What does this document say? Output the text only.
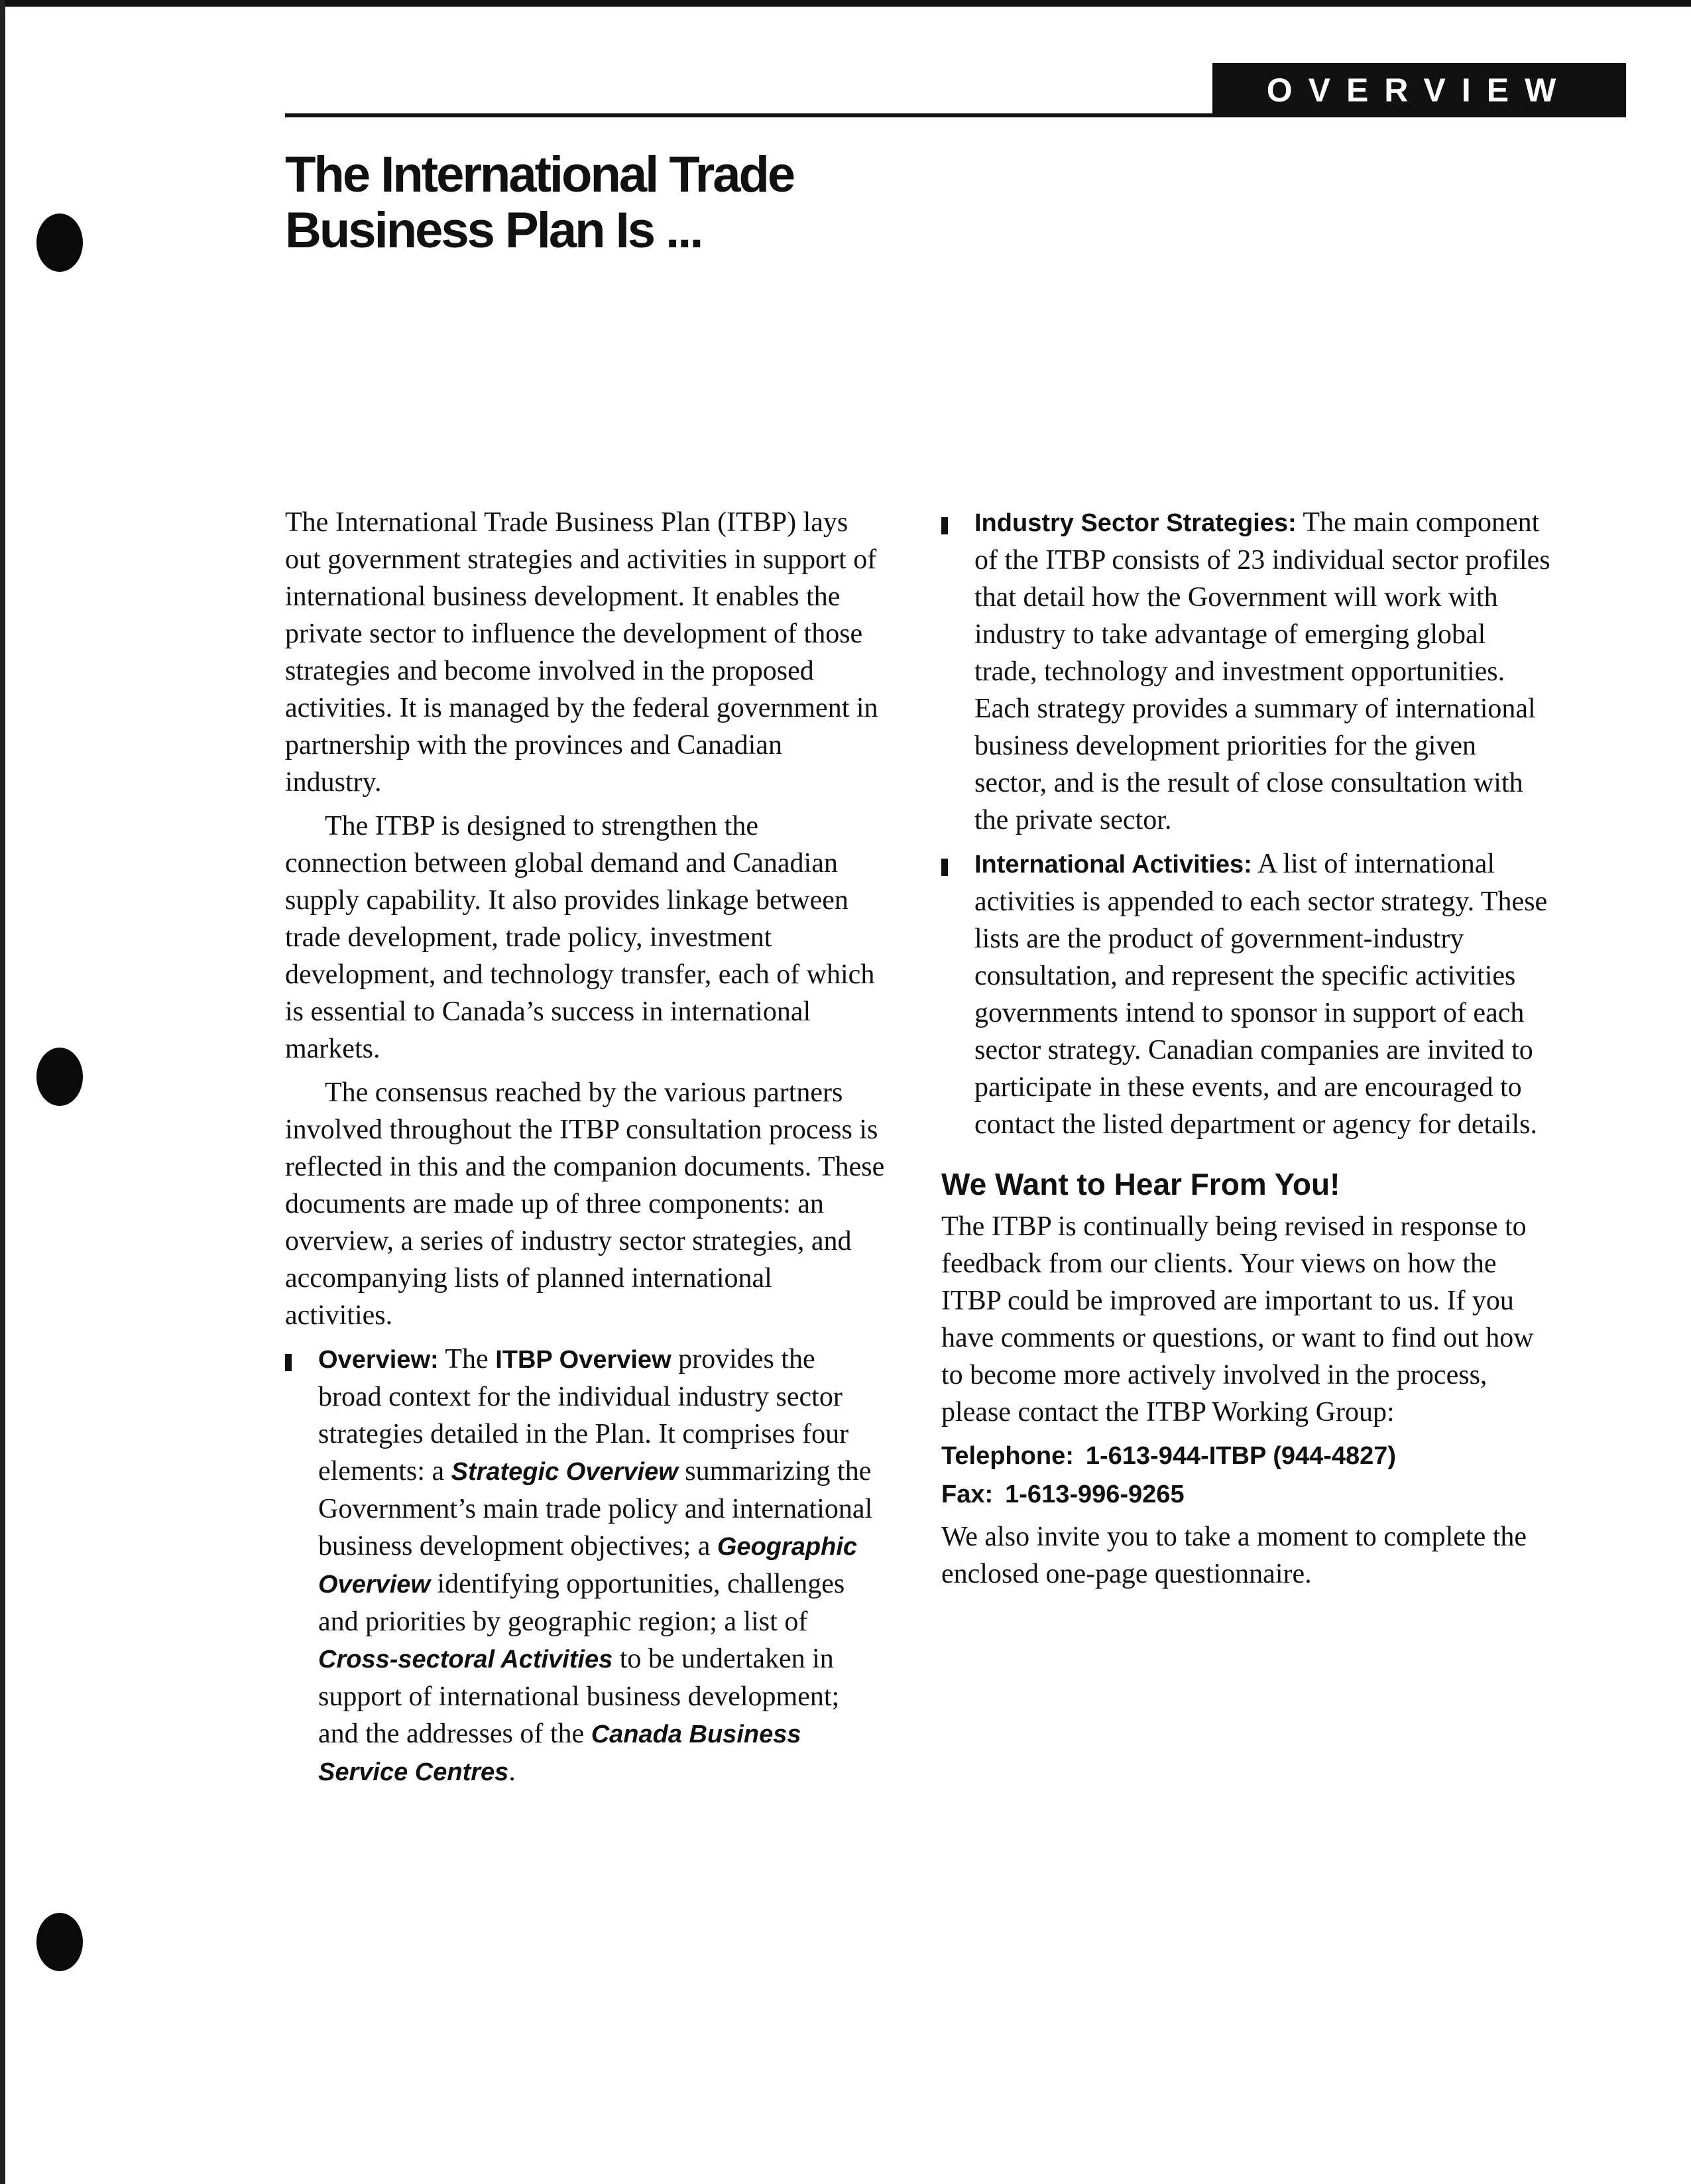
OVERVIEW
The International Trade
Business Plan Is ...

The International Trade Business Plan (ITBP) lays out government strategies and activities in support of international business development. It enables the private sector to influence the development of those strategies and become involved in the proposed activities. It is managed by the federal government in partnership with the provinces and Canadian industry.

The ITBP is designed to strengthen the connection between global demand and Canadian supply capability. It also provides linkage between trade development, trade policy, investment development, and technology transfer, each of which is essential to Canada’s success in international markets.

The consensus reached by the various partners involved throughout the ITBP consultation process is reflected in this and the companion documents. These documents are made up of three components: an overview, a series of industry sector strategies, and accompanying lists of planned international activities.

Overview: The ITBP Overview provides the broad context for the individual industry sector strategies detailed in the Plan. It comprises four elements: a Strategic Overview summarizing the Government’s main trade policy and international business development objectives; a Geographic Overview identifying opportunities, challenges and priorities by geographic region; a list of Cross-sectoral Activities to be undertaken in support of international business development; and the addresses of the Canada Business Service Centres.
Industry Sector Strategies: The main component of the ITBP consists of 23 individual sector profiles that detail how the Government will work with industry to take advantage of emerging global trade, technology and investment opportunities. Each strategy provides a summary of international business development priorities for the given sector, and is the result of close consultation with the private sector.
International Activities: A list of international activities is appended to each sector strategy. These lists are the product of government-industry consultation, and represent the specific activities governments intend to sponsor in support of each sector strategy. Canadian companies are invited to participate in these events, and are encouraged to contact the listed department or agency for details.
We Want to Hear From You!

The ITBP is continually being revised in response to feedback from our clients. Your views on how the ITBP could be improved are important to us. If you have comments or questions, or want to find out how to become more actively involved in the process, please contact the ITBP Working Group:

Telephone: 1-613-944-ITBP (944-4827)
Fax: 1-613-996-9265

We also invite you to take a moment to complete the enclosed one-page questionnaire.
